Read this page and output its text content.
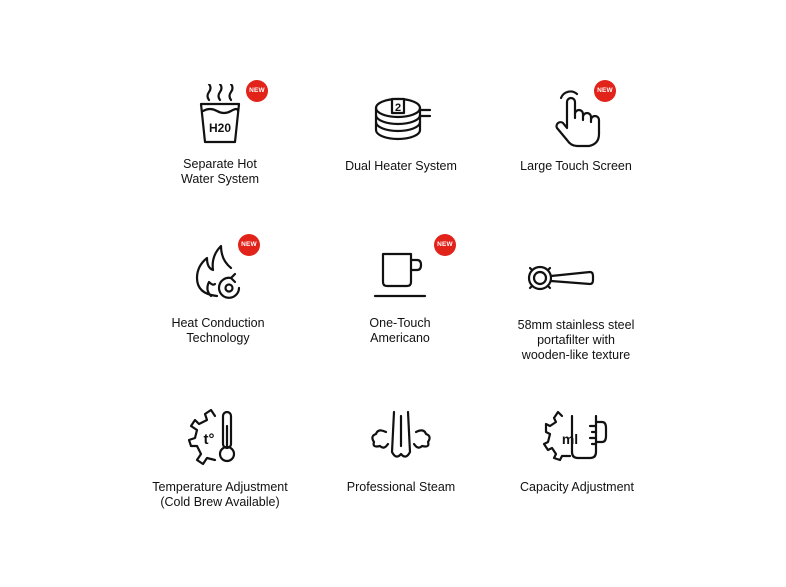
H20
NEW
Separate Hot
Water System
2
Dual Heater System
NEW
Large Touch Screen
NEW
Heat Conduction
Technology
NEW
One-Touch
Americano
58mm stainless steel
portafilter with
wooden-like texture
t°
Temperature Adjustment
(Cold Brew Available)
Professional Steam
ml
Capacity Adjustment
